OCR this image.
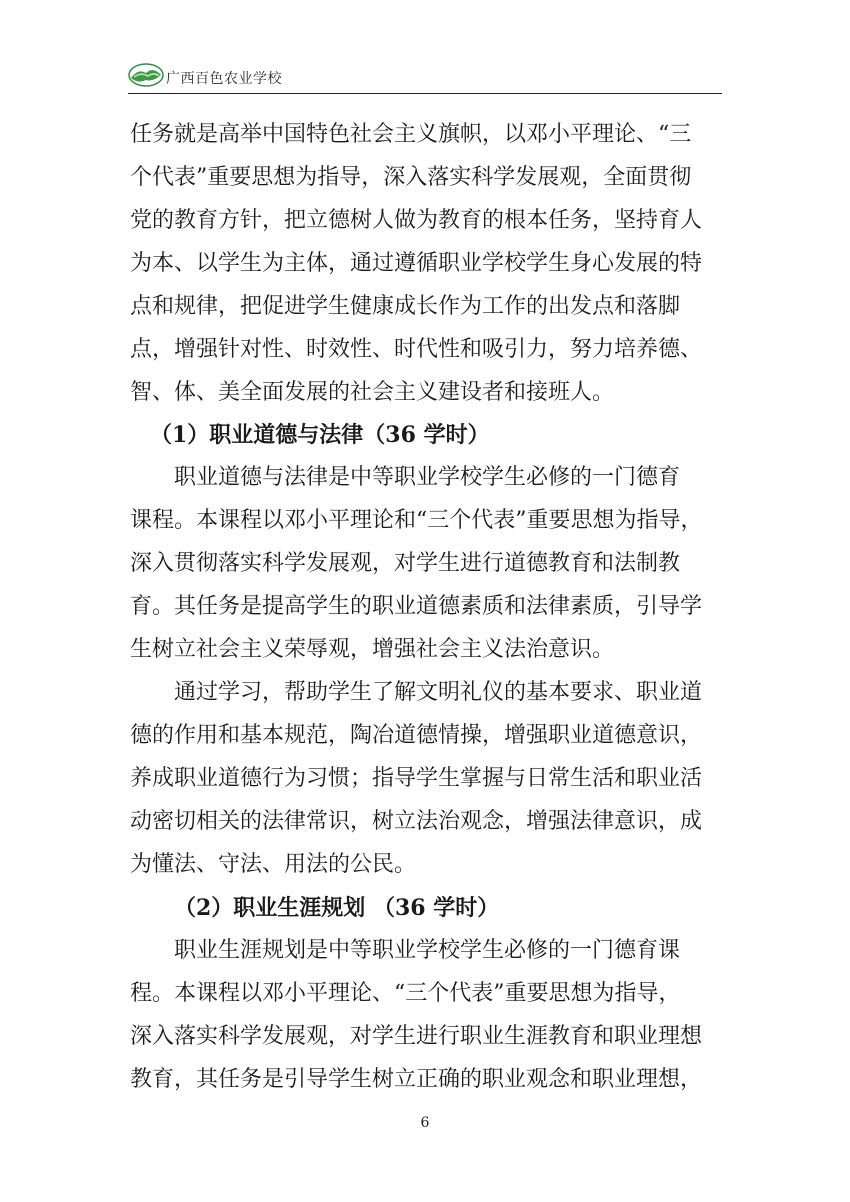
广西百色农业学校
任务就是高举中国特色社会主义旗帜，以邓小平理论、“三
个代表”重要思想为指导，深入落实科学发展观，全面贯彻
党的教育方针，把立德树人做为教育的根本任务，坚持育人
为本、以学生为主体，通过遵循职业学校学生身心发展的特
点和规律，把促进学生健康成长作为工作的出发点和落脚
点，增强针对性、时效性、时代性和吸引力，努力培养德、
智、体、美全面发展的社会主义建设者和接班人。
（1）职业道德与法律（36 学时）
职业道德与法律是中等职业学校学生必修的一门德育
课程。本课程以邓小平理论和“三个代表”重要思想为指导，
深入贯彻落实科学发展观，对学生进行道德教育和法制教
育。其任务是提高学生的职业道德素质和法律素质，引导学
生树立社会主义荣辱观，增强社会主义法治意识。
通过学习，帮助学生了解文明礼仪的基本要求、职业道
德的作用和基本规范，陶冶道德情操，增强职业道德意识，
养成职业道德行为习惯；指导学生掌握与日常生活和职业活
动密切相关的法律常识，树立法治观念，增强法律意识，成
为懂法、守法、用法的公民。
（2）职业生涯规划 （36 学时）
职业生涯规划是中等职业学校学生必修的一门德育课
程。本课程以邓小平理论、“三个代表”重要思想为指导，
深入落实科学发展观，对学生进行职业生涯教育和职业理想
教育，其任务是引导学生树立正确的职业观念和职业理想，
6
